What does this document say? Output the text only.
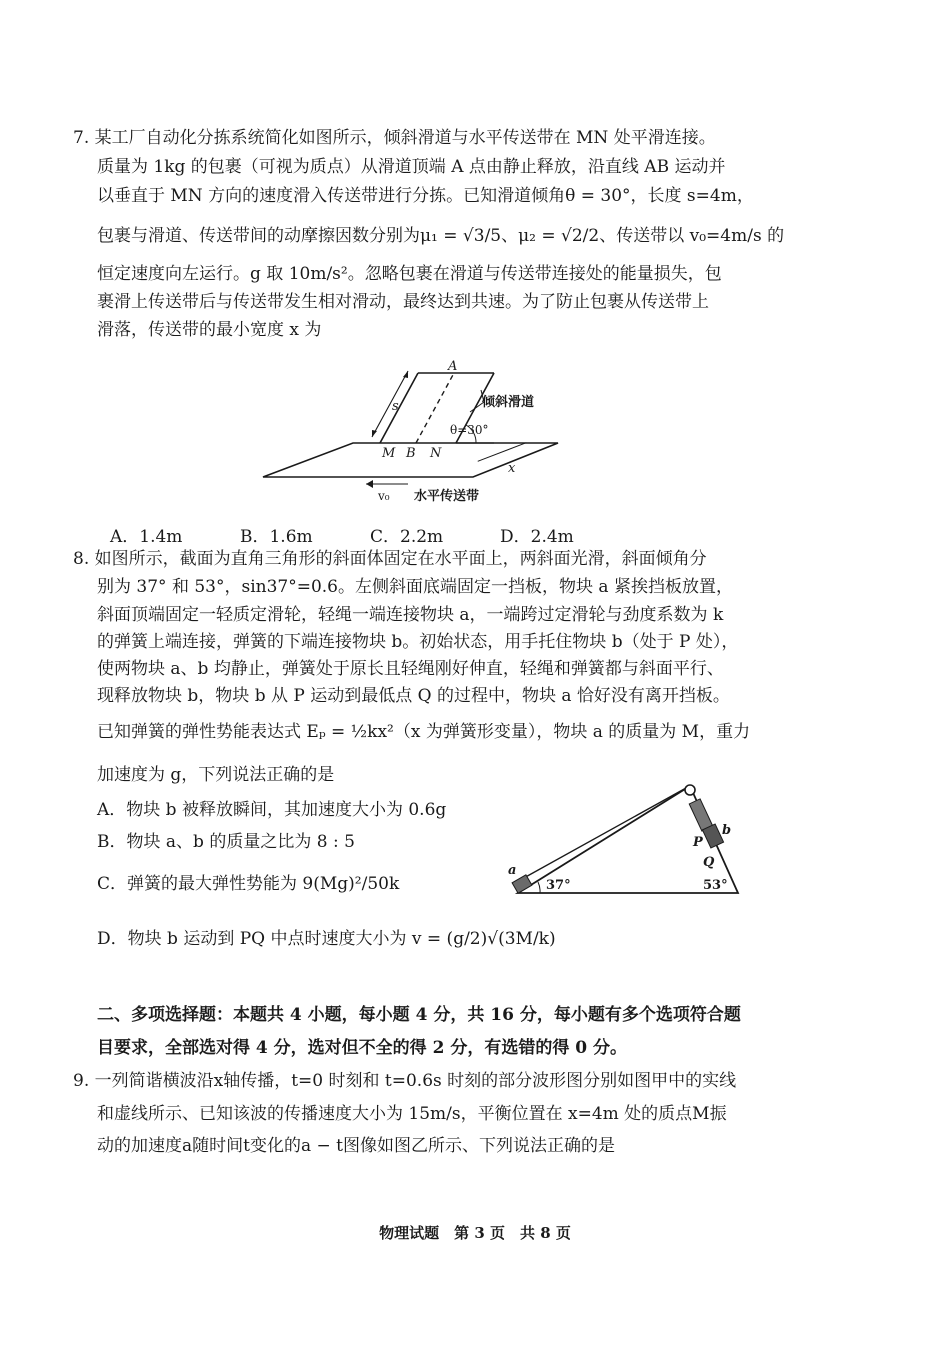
7. 某工厂自动化分拣系统简化如图所示，倾斜滑道与水平传送带在 MN 处平滑连接。
质量为 1kg 的包裹（可视为质点）从滑道顶端 A 点由静止释放，沿直线 AB 运动并
以垂直于 MN 方向的速度滑入传送带进行分拣。已知滑道倾角θ = 30°，长度 s=4m，
包裹与滑道、传送带间的动摩擦因数分别为μ₁ = √3/5、μ₂ = √2/2、传送带以 v₀=4m/s 的
恒定速度向左运行。g 取 10m/s²。忽略包裹在滑道与传送带连接处的能量损失，包
裹滑上传送带后与传送带发生相对滑动，最终达到共速。为了防止包裹从传送带上
滑落，传送带的最小宽度 x 为
A
s	倾斜滑道
θ=30°
M B N
x
v₀ 水平传送带
A．1.4m	B．1.6m	C．2.2m	D．2.4m
8. 如图所示，截面为直角三角形的斜面体固定在水平面上，两斜面光滑，斜面倾角分
别为 37° 和 53°，sin37°=0.6。左侧斜面底端固定一挡板，物块 a 紧挨挡板放置，
斜面顶端固定一轻质定滑轮，轻绳一端连接物块 a，一端跨过定滑轮与劲度系数为 k
的弹簧上端连接，弹簧的下端连接物块 b。初始状态，用手托住物块 b（处于 P 处），
使两物块 a、b 均静止，弹簧处于原长且轻绳刚好伸直，轻绳和弹簧都与斜面平行、
现释放物块 b，物块 b 从 P 运动到最低点 Q 的过程中，物块 a 恰好没有离开挡板。
已知弹簧的弹性势能表达式 Eₚ = ½kx²（x 为弹簧形变量），物块 a 的质量为 M，重力
加速度为 g，下列说法正确的是
A．物块 b 被释放瞬间，其加速度大小为 0.6g
B．物块 a、b 的质量之比为 8 : 5
C．弹簧的最大弹性势能为 9(Mg)²/50k
D．物块 b 运动到 PQ 中点时速度大小为 v = (g/2)√(3M/k)
a
b
P
Q
37°	53°
二、多项选择题：本题共 4 小题，每小题 4 分，共 16 分，每小题有多个选项符合题
目要求，全部选对得 4 分，选对但不全的得 2 分，有选错的得 0 分。
9. 一列简谐横波沿x轴传播，t=0 时刻和 t=0.6s 时刻的部分波形图分别如图甲中的实线
和虚线所示、已知该波的传播速度大小为 15m/s，平衡位置在 x=4m 处的质点M振
动的加速度a随时间t变化的a − t图像如图乙所示、下列说法正确的是
物理试题　第 3 页　共 8 页
